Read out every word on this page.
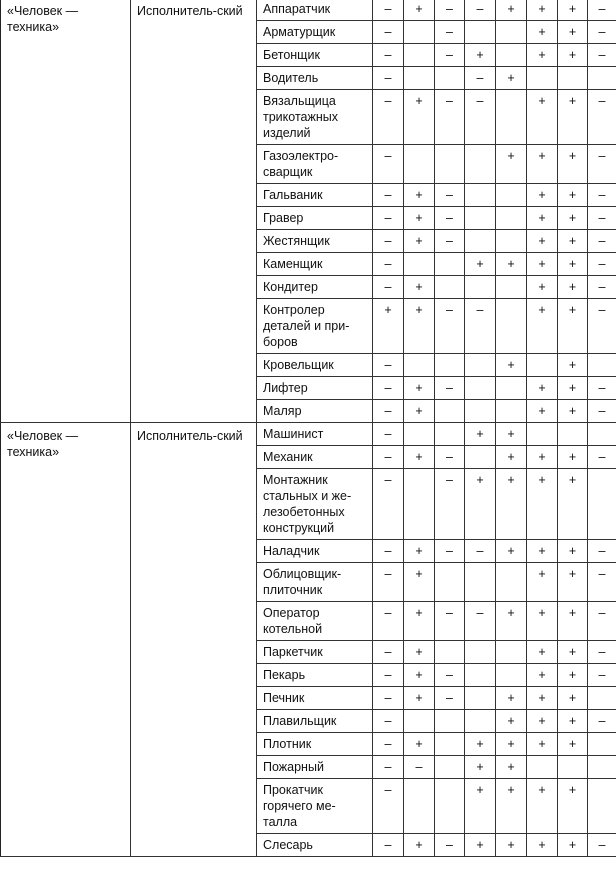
«Человек — техника»	Исполнитель-ский	Аппаратчик	–	+	–	–	+	+	+	–
		Арматурщик	–		–			+	+	–
		Бетонщик	–		–	+		+	+	–
		Водитель	–			–	+			
		Вязальщица трикотажных изделий	–	+	–	–		+	+	–
		Газоэлектро-сварщик	–				+	+	+	–
		Гальваник	–	+	–			+	+	–
		Гравер	–	+	–			+	+	–
		Жестянщик	–	+	–			+	+	–
		Каменщик	–			+	+	+	+	–
		Кондитер	–	+				+	+	–
		Контролер деталей и при-боров	+	+	–	–		+	+	–
		Кровельщик	–				+		+	
		Лифтер	–	+	–			+	+	–
		Маляр	–	+				+	+	–
«Человек — техника»	Исполнитель-ский	Машинист	–			+	+			
		Механик	–	+	–		+	+	+	–
		Монтажник стальных и же-лезобетонных конструкций	–		–	+	+	+	+	
		Наладчик	–	+	–	–	+	+	+	–
		Облицовщик-плиточник	–	+				+	+	–
		Оператор котельной	–	+	–	–	+	+	+	–
		Паркетчик	–	+				+	+	–
		Пекарь	–	+	–			+	+	–
		Печник	–	+	–		+	+	+	
		Плавильщик	–				+	+	+	–
		Плотник	–	+		+	+	+	+	
		Пожарный	–	–		+	+			
		Прокатчик горячего ме-талла	–			+	+	+	+	
		Слесарь	–	+	–	+	+	+	+	–
